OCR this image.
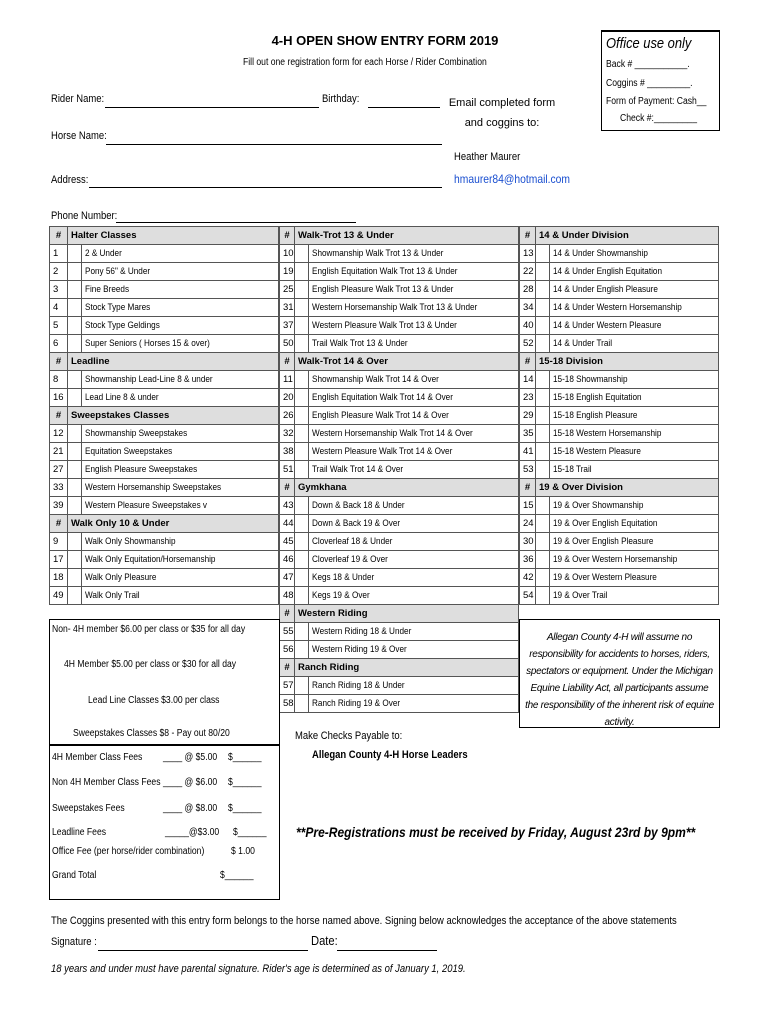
4-H OPEN SHOW ENTRY FORM 2019
Fill out one registration form for each Horse / Rider Combination
Office use only
Back # ___________.
Coggins # _________.
Form of Payment: Cash__
Check #:_________
Rider Name:	Birthday:	Email completed form and coggins to:
Horse Name:
Heather Maurer
hmaurer84@hotmail.com
Address:
Phone Number:
#	Halter Classes	
1		2 & Under
2		Pony 56" & Under
3		Fine Breeds
4		Stock Type Mares
5		Stock Type Geldings
6		Super Seniors ( Horses 15 & over)
#	Leadline	
8		Showmanship Lead-Line 8 & under
16		Lead Line 8 & under
#	Sweepstakes Classes	
12		Showmanship Sweepstakes
21		Equitation Sweepstakes
27		English Pleasure Sweepstakes
33		Western Horsemanship Sweepstakes
39		Western Pleasure Sweepstakes v
#	Walk Only 10 & Under	
9		Walk Only Showmanship
17		Walk Only Equitation/Horsemanship
18		Walk Only Pleasure
49		Walk Only Trail
#	Walk-Trot 13 & Under	
10		Showmanship Walk Trot 13 & Under
19		English Equitation Walk Trot 13 & Under
25		English Pleasure Walk Trot 13 & Under
31		Western Horsemanship Walk Trot 13 & Under
37		Western Pleasure Walk Trot 13 & Under
50		Trail Walk Trot 13 & Under
#	Walk-Trot 14 & Over	
11		Showmanship Walk Trot 14 & Over
20		English Equitation Walk Trot 14 & Over
26		English Pleasure Walk Trot 14 & Over
32		Western Horsemanship Walk Trot 14 & Over
38		Western Pleasure Walk Trot 14 & Over
51		Trail Walk Trot 14 & Over
#	Gymkhana	
43		Down & Back 18 & Under
44		Down & Back 19 & Over
45		Cloverleaf 18 & Under
46		Cloverleaf 19 & Over
47		Kegs 18 & Under
48		Kegs 19 & Over
#	Western Riding	
55		Western Riding 18 & Under
56		Western Riding 19 & Over
#	Ranch Riding	
57		Ranch Riding 18 & Under
58		Ranch Riding 19 & Over
#	14 & Under Division	
13		14 & Under Showmanship
22		14 & Under English Equitation
28		14 & Under English Pleasure
34		14 & Under Western Horsemanship
40		14 & Under Western Pleasure
52		14 & Under Trail
#	15-18 Division	
14		15-18 Showmanship
23		15-18 English Equitation
29		15-18 English Pleasure
35		15-18 Western Horsemanship
41		15-18 Western Pleasure
53		15-18 Trail
#	19 & Over Division	
15		19 & Over Showmanship
24		19 & Over English Equitation
30		19 & Over English Pleasure
36		19 & Over Western Horsemanship
42		19 & Over Western Pleasure
54		19 & Over Trail
Non- 4H member $6.00 per class or $35 for all day
4H Member $5.00 per class or $30 for all day
Lead Line Classes $3.00 per class
Sweepstakes Classes $8 - Pay out 80/20
4H Member Class Fees	____ @ $5.00	$______
Non 4H Member Class Fees ____ @ $6.00	$______
Sweepstakes Fees	____ @ $8.00	$______
Leadline Fees	_____@$3.00	$______
Office Fee (per horse/rider combination)	$ 1.00
Grand Total	$______
Allegan County 4-H will assume no responsibility for accidents to horses, riders, spectators or equipment. Under the Michigan Equine Liability Act, all participants assume the responsibility of the inherent risk of equine activity.
Make Checks Payable to:
Allegan County 4-H Horse Leaders
**Pre-Registrations must be received by Friday, August 23rd by 9pm**
The Coggins presented with this entry form belongs to the horse named above. Signing below acknowledges the acceptance of the above statements
Signature :	Date:
18 years and under must have parental signature. Rider's age is determined as of January 1, 2019.
